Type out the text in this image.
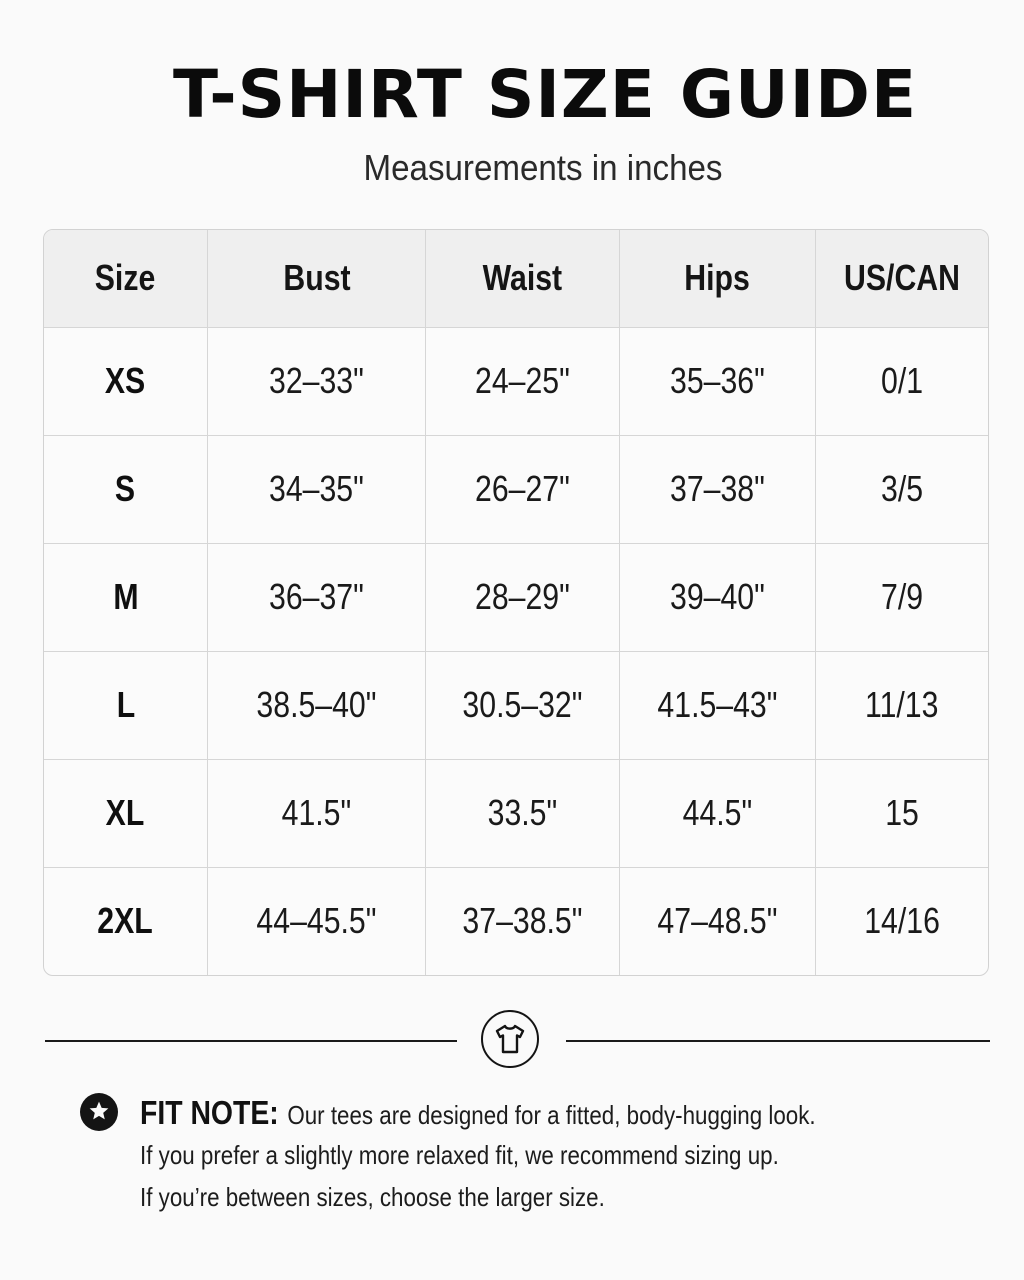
T-SHIRT SIZE GUIDE
Measurements in inches
Size	Bust	Waist	Hips	US/CAN
XS	32–33"	24–25"	35–36"	0/1
S	34–35"	26–27"	37–38"	3/5
M	36–37"	28–29"	39–40"	7/9
L	38.5–40"	30.5–32"	41.5–43"	11/13
XL	41.5"	33.5"	44.5"	15
2XL	44–45.5"	37–38.5"	47–48.5"	14/16
FIT NOTE: Our tees are designed for a fitted, body-hugging look.
If you prefer a slightly more relaxed fit, we recommend sizing up.
If you’re between sizes, choose the larger size.
